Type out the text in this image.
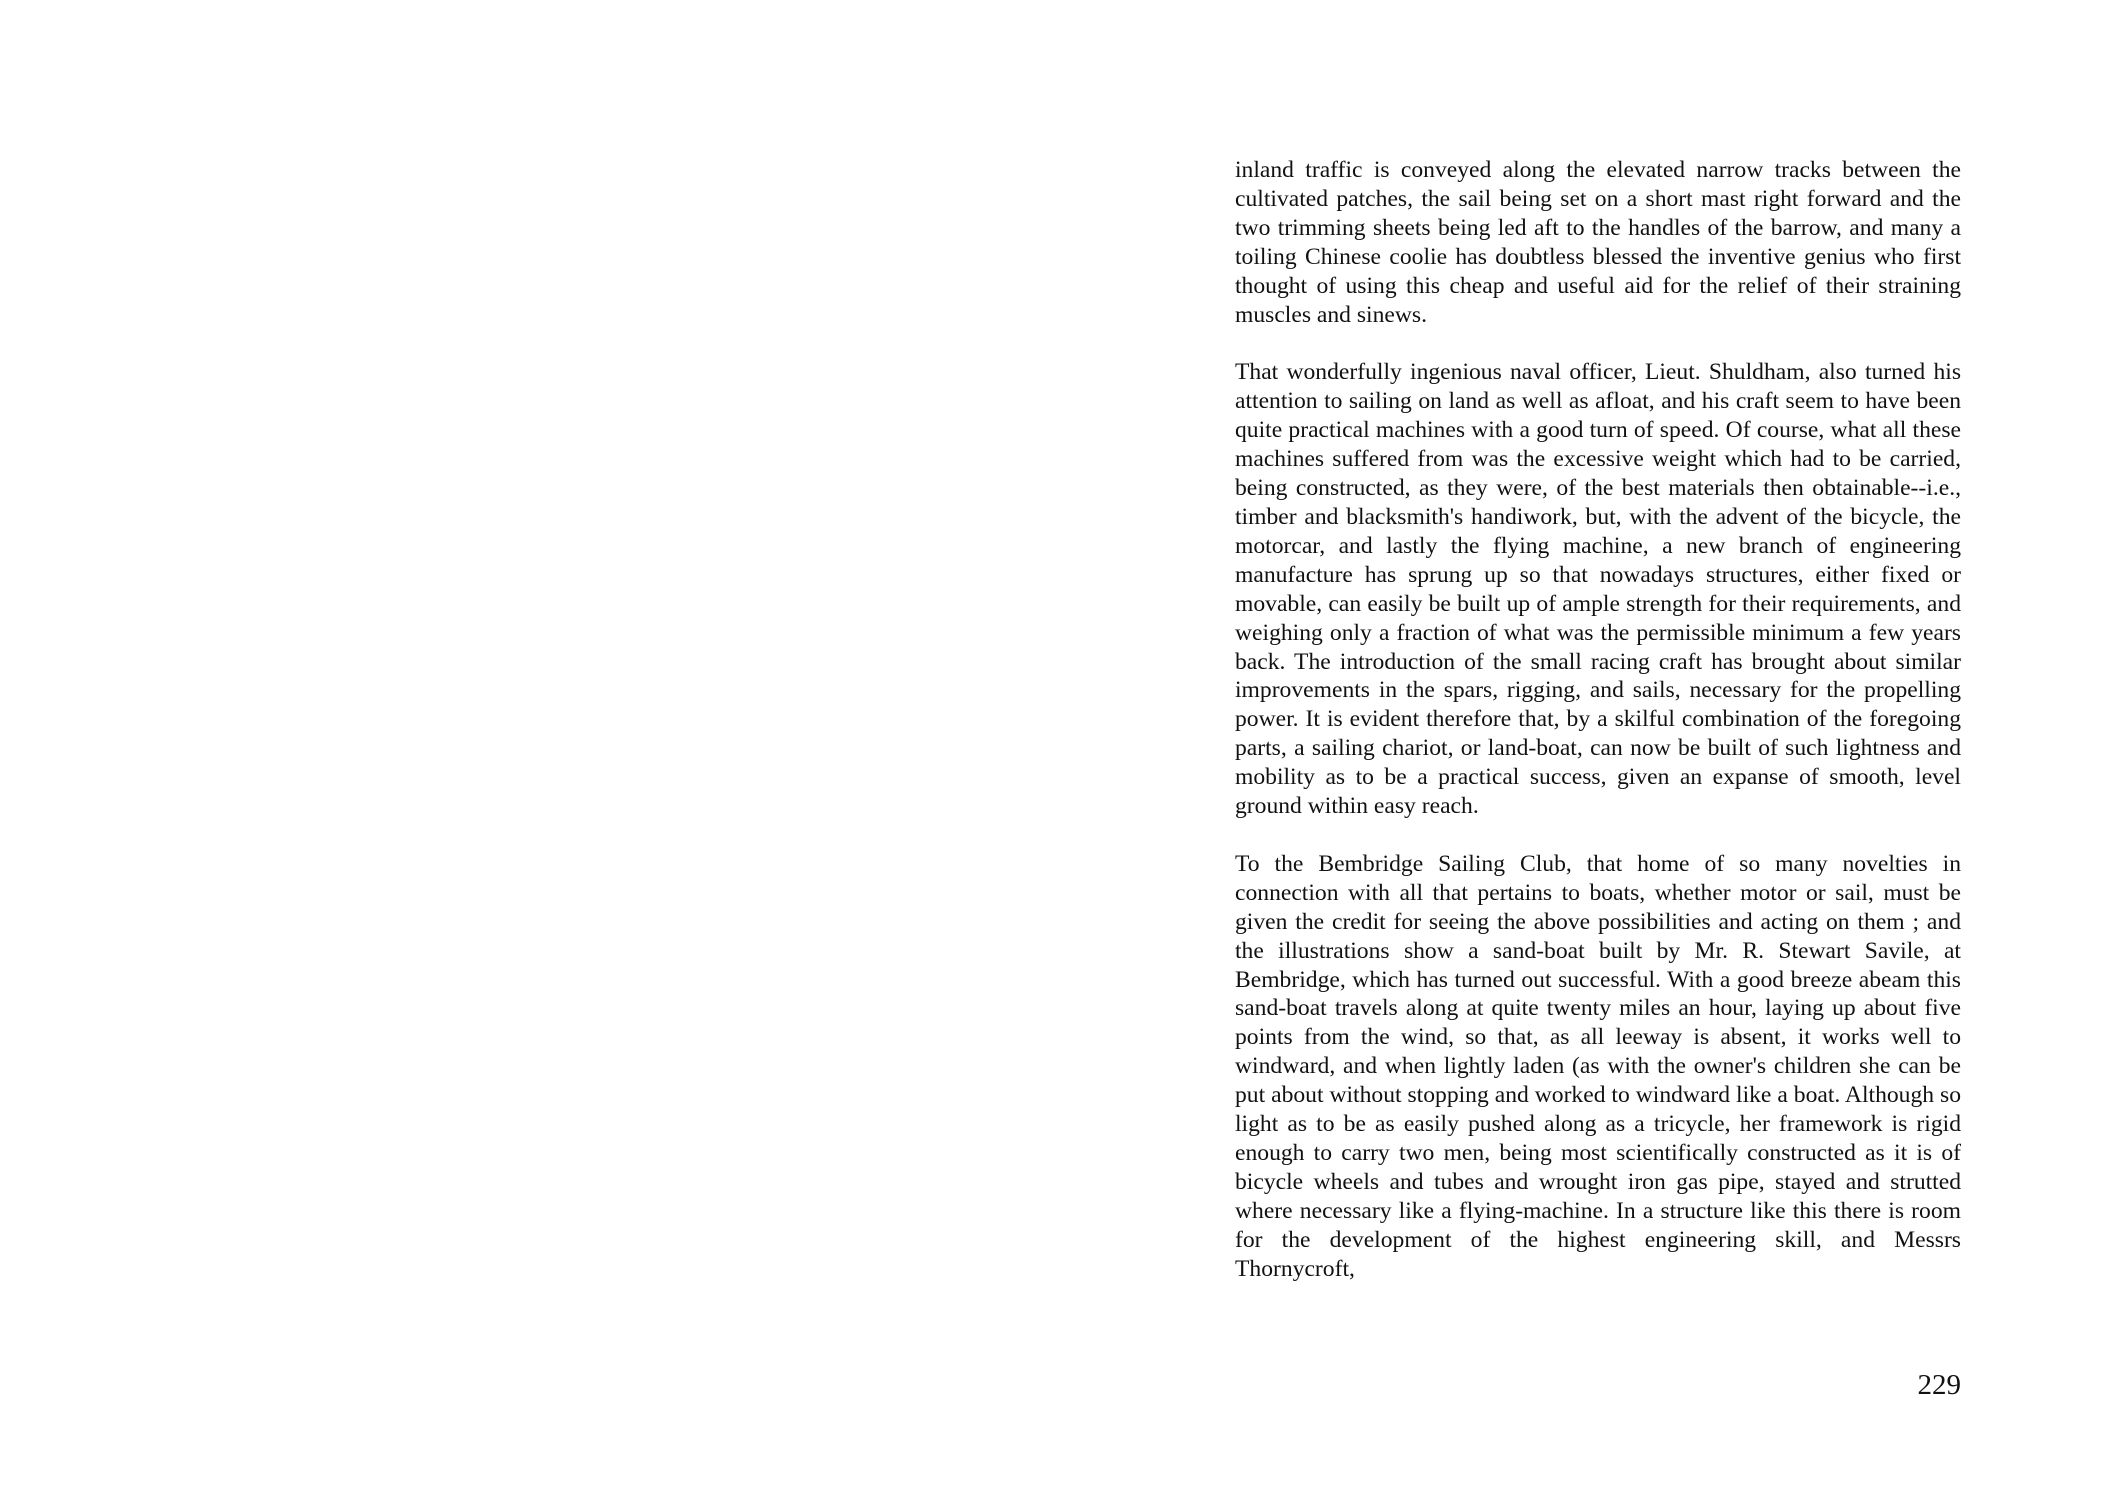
inland traffic is conveyed along the elevated narrow tracks between the cultivated patches, the sail being set on a short mast right forward and the two trimming sheets being led aft to the handles of the barrow, and many a toiling Chinese coolie has doubtless blessed the inventive genius who first thought of using this cheap and useful aid for the relief of their straining muscles and sinews.

That wonderfully ingenious naval officer, Lieut. Shuldham, also turned his attention to sailing on land as well as afloat, and his craft seem to have been quite practical machines with a good turn of speed. Of course, what all these machines suffered from was the excessive weight which had to be carried, being constructed, as they were, of the best materials then obtainable--i.e., timber and blacksmith's handiwork, but, with the advent of the bicycle, the motorcar, and lastly the flying machine, a new branch of engineering manufacture has sprung up so that nowadays structures, either fixed or movable, can easily be built up of ample strength for their requirements, and weighing only a fraction of what was the permissible minimum a few years back. The introduction of the small racing craft has brought about similar improvements in the spars, rigging, and sails, necessary for the propelling power. It is evident therefore that, by a skilful combination of the foregoing parts, a sailing chariot, or land-boat, can now be built of such lightness and mobility as to be a practical success, given an expanse of smooth, level ground within easy reach.

To the Bembridge Sailing Club, that home of so many novelties in connection with all that pertains to boats, whether motor or sail, must be given the credit for seeing the above possibilities and acting on them ; and the illustrations show a sand-boat built by Mr. R. Stewart Savile, at Bembridge, which has turned out successful. With a good breeze abeam this sand-boat travels along at quite twenty miles an hour, laying up about five points from the wind, so that, as all leeway is absent, it works well to windward, and when lightly laden (as with the owner's children she can be put about without stopping and worked to windward like a boat. Although so light as to be as easily pushed along as a tricycle, her framework is rigid enough to carry two men, being most scientifically constructed as it is of bicycle wheels and tubes and wrought iron gas pipe, stayed and strutted where necessary like a flying-machine. In a structure like this there is room for the development of the highest engineering skill, and Messrs Thornycroft,

229
